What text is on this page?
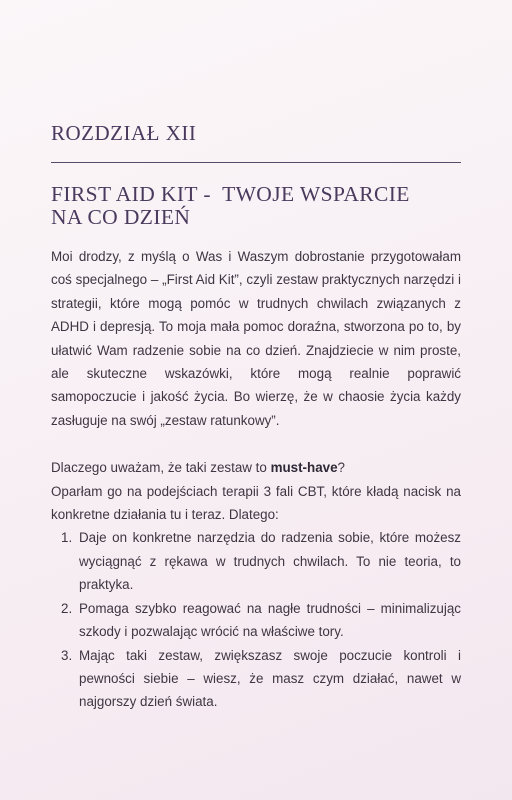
ROZDZIAŁ XII
FIRST AID KIT -  TWOJE WSPARCIE
NA CO DZIEŃ

Moi drodzy, z myślą o Was i Waszym dobrostanie przygotowałam coś specjalnego – „First Aid Kit”, czyli zestaw praktycznych narzędzi i strategii, które mogą pomóc w trudnych chwilach związanych z ADHD i depresją. To moja mała pomoc doraźna, stworzona po to, by ułatwić Wam radzenie sobie na co dzień. Znajdziecie w nim proste, ale skuteczne wskazówki, które mogą realnie poprawić samopoczucie i jakość życia. Bo wierzę, że w chaosie życia każdy zasługuje na swój „zestaw ratunkowy”.

Dlaczego uważam, że taki zestaw to must-have?

Oparłam go na podejściach terapii 3 fali CBT, które kładą nacisk na konkretne działania tu i teraz. Dlatego:

1. Daje on konkretne narzędzia do radzenia sobie, które możesz wyciągnąć z rękawa w trudnych chwilach. To nie teoria, to praktyka.
2. Pomaga szybko reagować na nagłe trudności – minimalizując szkody i pozwalając wrócić na właściwe tory.
3. Mając taki zestaw, zwiększasz swoje poczucie kontroli i pewności siebie – wiesz, że masz czym działać, nawet w najgorszy dzień świata.
